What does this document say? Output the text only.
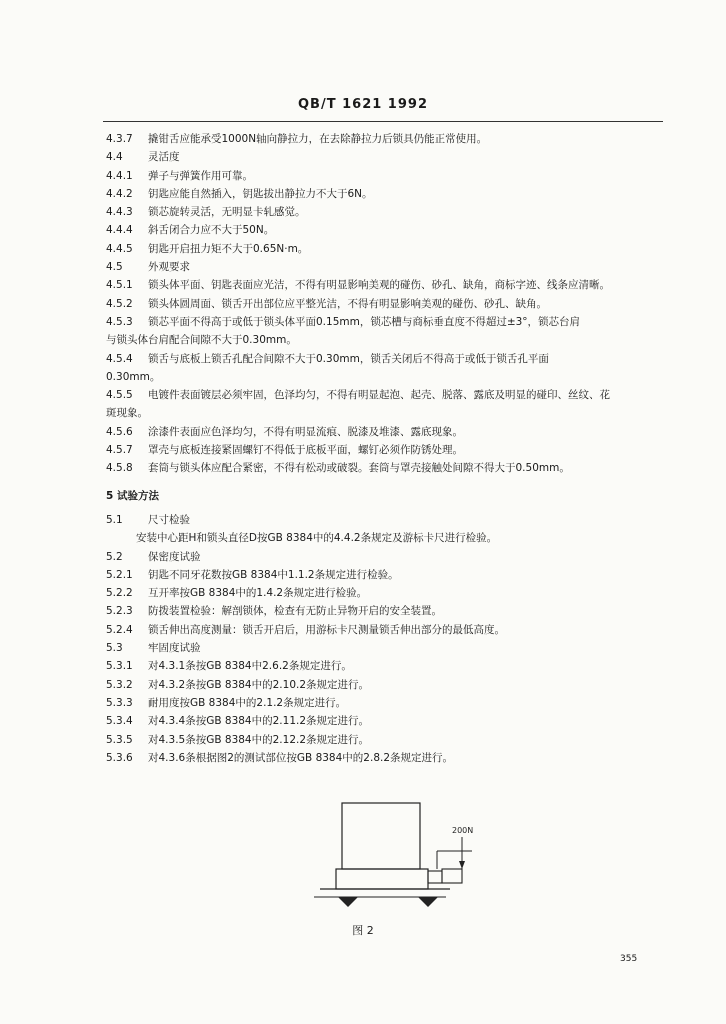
QB/T 1621 1992
4.3.7 撬钳舌应能承受1000N轴向静拉力，在去除静拉力后锁具仍能正常使用。
4.4 灵活度
4.4.1 弹子与弹簧作用可靠。
4.4.2 钥匙应能自然插入，钥匙拔出静拉力不大于6N。
4.4.3 锁芯旋转灵活，无明显卡轧感觉。
4.4.4 斜舌闭合力应不大于50N。
4.4.5 钥匙开启扭力矩不大于0.65N·m。
4.5 外观要求
4.5.1 锁头体平面、钥匙表面应光洁，不得有明显影响美观的碰伤、砂孔、缺角，商标字迹、线条应清晰。
4.5.2 锁头体圆周面、锁舌开出部位应平整光洁，不得有明显影响美观的碰伤、砂孔、缺角。
4.5.3 锁芯平面不得高于或低于锁头体平面0.15mm，锁芯槽与商标垂直度不得超过±3°，锁芯台肩
与锁头体台肩配合间隙不大于0.30mm。
4.5.4 锁舌与底板上锁舌孔配合间隙不大于0.30mm，锁舌关闭后不得高于或低于锁舌孔平面
0.30mm。
4.5.5 电镀件表面镀层必须牢固，色泽均匀，不得有明显起泡、起壳、脱落、露底及明显的碰印、丝纹、花
斑现象。
4.5.6 涂漆件表面应色泽均匀，不得有明显流痕、脱漆及堆漆、露底现象。
4.5.7 罩壳与底板连接紧固螺钉不得低于底板平面，螺钉必须作防锈处理。
4.5.8 套筒与锁头体应配合紧密，不得有松动或破裂。套筒与罩壳接触处间隙不得大于0.50mm。
5 试验方法
5.1 尺寸检验
安装中心距H和锁头直径D按GB 8384中的4.4.2条规定及游标卡尺进行检验。
5.2 保密度试验
5.2.1 钥匙不同牙花数按GB 8384中1.1.2条规定进行检验。
5.2.2 互开率按GB 8384中的1.4.2条规定进行检验。
5.2.3 防拨装置检验：解剖锁体，检查有无防止异物开启的安全装置。
5.2.4 锁舌伸出高度测量：锁舌开启后，用游标卡尺测量锁舌伸出部分的最低高度。
5.3 牢固度试验
5.3.1 对4.3.1条按GB 8384中2.6.2条规定进行。
5.3.2 对4.3.2条按GB 8384中的2.10.2条规定进行。
5.3.3 耐用度按GB 8384中的2.1.2条规定进行。
5.3.4 对4.3.4条按GB 8384中的2.11.2条规定进行。
5.3.5 对4.3.5条按GB 8384中的2.12.2条规定进行。
5.3.6 对4.3.6条根据图2的测试部位按GB 8384中的2.8.2条规定进行。
200N
图 2
355
